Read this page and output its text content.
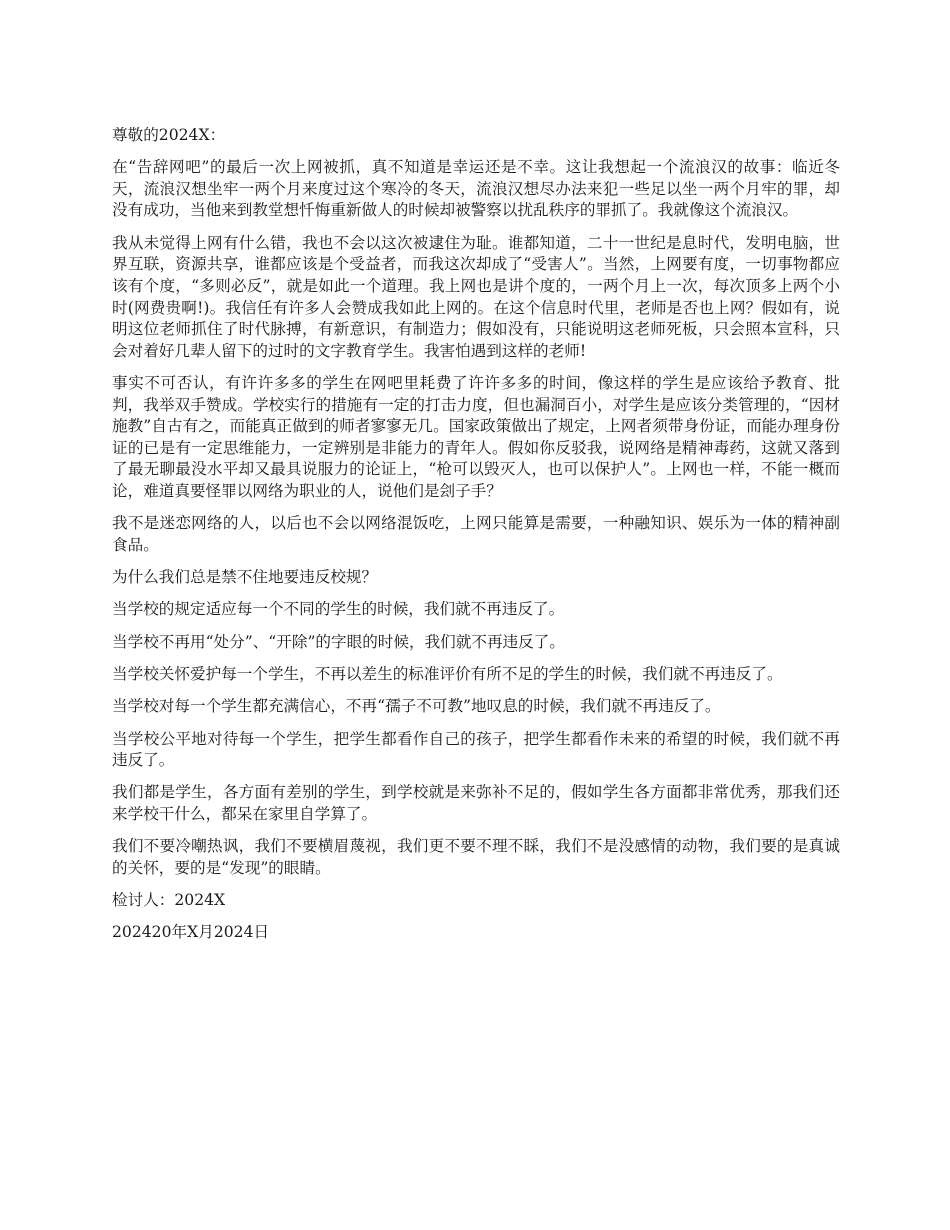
尊敬的2024X：

在“告辞网吧”的最后一次上网被抓，真不知道是幸运还是不幸。这让我想起一个流浪汉的故事：临近冬天，流浪汉想坐牢一两个月来度过这个寒冷的冬天，流浪汉想尽办法来犯一些足以坐一两个月牢的罪，却没有成功，当他来到教堂想忏悔重新做人的时候却被警察以扰乱秩序的罪抓了。我就像这个流浪汉。

我从未觉得上网有什么错，我也不会以这次被逮住为耻。谁都知道，二十一世纪是息时代，发明电脑，世界互联，资源共享，谁都应该是个受益者，而我这次却成了“受害人”。当然，上网要有度，一切事物都应该有个度，“多则必反”，就是如此一个道理。我上网也是讲个度的，一两个月上一次，每次顶多上两个小时(网费贵啊!)。我信任有许多人会赞成我如此上网的。在这个信息时代里，老师是否也上网？假如有，说明这位老师抓住了时代脉搏，有新意识，有制造力；假如没有，只能说明这老师死板，只会照本宣科，只会对着好几辈人留下的过时的文字教育学生。我害怕遇到这样的老师!

事实不可否认，有许许多多的学生在网吧里耗费了许许多多的时间，像这样的学生是应该给予教育、批判，我举双手赞成。学校实行的措施有一定的打击力度，但也漏洞百小，对学生是应该分类管理的，“因材施教”自古有之，而能真正做到的师者寥寥无几。国家政策做出了规定，上网者须带身份证，而能办理身份证的已是有一定思维能力，一定辨别是非能力的青年人。假如你反驳我，说网络是精神毒药，这就又落到了最无聊最没水平却又最具说服力的论证上，“枪可以毁灭人，也可以保护人”。上网也一样，不能一概而论，难道真要怪罪以网络为职业的人，说他们是刽子手？

我不是迷恋网络的人，以后也不会以网络混饭吃，上网只能算是需要，一种融知识、娱乐为一体的精神副食品。

为什么我们总是禁不住地要违反校规？

当学校的规定适应每一个不同的学生的时候，我们就不再违反了。

当学校不再用“处分”、“开除”的字眼的时候，我们就不再违反了。

当学校关怀爱护每一个学生，不再以差生的标准评价有所不足的学生的时候，我们就不再违反了。

当学校对每一个学生都充满信心，不再“孺子不可教”地叹息的时候，我们就不再违反了。

当学校公平地对待每一个学生，把学生都看作自己的孩子，把学生都看作未来的希望的时候，我们就不再违反了。

我们都是学生，各方面有差别的学生，到学校就是来弥补不足的，假如学生各方面都非常优秀，那我们还来学校干什么，都呆在家里自学算了。

我们不要冷嘲热讽，我们不要横眉蔑视，我们更不要不理不睬，我们不是没感情的动物，我们要的是真诚的关怀，要的是“发现”的眼睛。

检讨人：2024X

202420年X月2024日
